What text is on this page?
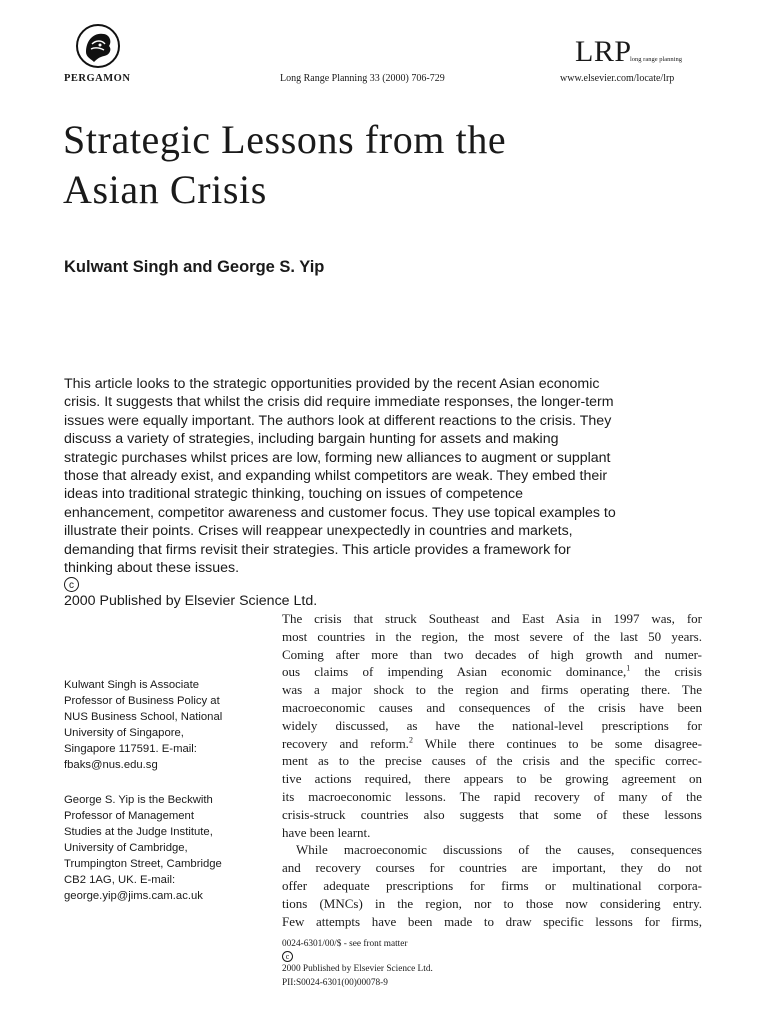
PERGAMON	Long Range Planning 33 (2000) 706-729	www.elsevier.com/locate/lrp
LRP
long range planning
Strategic Lessons from the
Asian Crisis
Kulwant Singh and George S. Yip
This article looks to the strategic opportunities provided by the recent Asian economic
crisis. It suggests that whilst the crisis did require immediate responses, the longer-term
issues were equally important. The authors look at different reactions to the crisis. They
discuss a variety of strategies, including bargain hunting for assets and making
strategic purchases whilst prices are low, forming new alliances to augment or supplant
those that already exist, and expanding whilst competitors are weak. They embed their
ideas into traditional strategic thinking, touching on issues of competence
enhancement, competitor awareness and customer focus. They use topical examples to
illustrate their points. Crises will reappear unexpectedly in countries and markets,
demanding that firms revisit their strategies. This article provides a framework for
thinking about these issues.
c
2000 Published by Elsevier Science Ltd.
Kulwant Singh is Associate
Professor of Business Policy at
NUS Business School, National
University of Singapore,
Singapore 117591. E-mail:
fbaks@nus.edu.sg
George S. Yip is the Beckwith
Professor of Management
Studies at the Judge Institute,
University of Cambridge,
Trumpington Street, Cambridge
CB2 1AG, UK. E-mail:
george.yip@jims.cam.ac.uk
The crisis that struck Southeast and East Asia in 1997 was, for
most countries in the region, the most severe of the last 50 years.
Coming after more than two decades of high growth and numer-
ous claims of impending Asian economic dominance,$^1$ the crisis
was a major shock to the region and firms operating there. The
macroeconomic causes and consequences of the crisis have been
widely discussed, as have the national-level prescriptions for
recovery and reform.$^2$ While there continues to be some disagree-
ment as to the precise causes of the crisis and the specific correc-
tive actions required, there appears to be growing agreement on
its macroeconomic lessons. The rapid recovery of many of the
crisis-struck countries also suggests that some of these lessons
have been learnt.
While macroeconomic discussions of the causes, consequences
and recovery courses for countries are important, they do not
offer adequate prescriptions for firms or multinational corpora-
tions (MNCs) in the region, nor to those now considering entry.
Few attempts have been made to draw specific lessons for firms,
0024-6301/00/$ - see front matter
c
2000 Published by Elsevier Science Ltd.
PII:S0024-6301(00)00078-9
